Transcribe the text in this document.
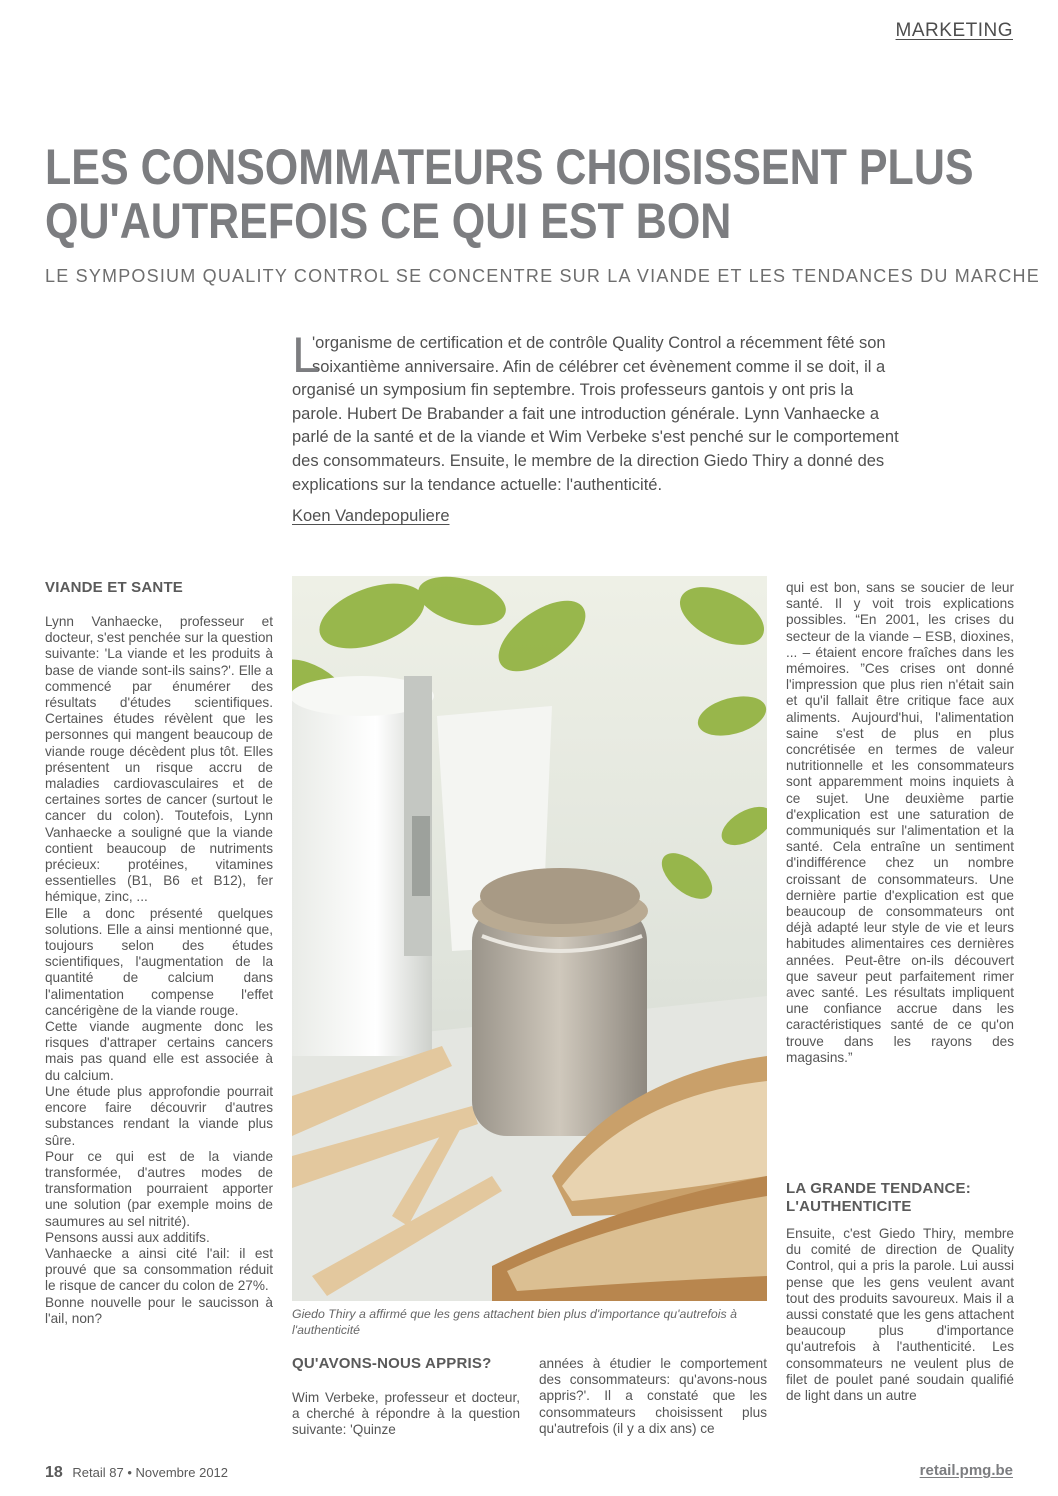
MARKETING
LES CONSOMMATEURS CHOISISSENT PLUS
QU'AUTREFOIS CE QUI EST BON
LE SYMPOSIUM QUALITY CONTROL SE CONCENTRE SUR LA VIANDE ET LES TENDANCES DU MARCHE
L
'organisme de certification et de contrôle Quality Control a récemment fêté son
soixantième anniversaire. Afin de célébrer cet évènement comme il se doit, il a
organisé un symposium fin septembre. Trois professeurs gantois y ont pris la
parole. Hubert De Brabander a fait une introduction générale. Lynn Vanhaecke a
parlé de la santé et de la viande et Wim Verbeke s'est penché sur le comportement
des consommateurs. Ensuite, le membre de la direction Giedo Thiry a donné des
explications sur la tendance actuelle: l'authenticité.
Koen Vandepopuliere
VIANDE ET SANTE

Lynn Vanhaecke, professeur et docteur, s'est penchée sur la question suivante: 'La viande et les produits à base de viande sont-ils sains?'. Elle a commencé par énumérer des résultats d'études scientifiques. Certaines études révèlent que les personnes qui mangent beaucoup de viande rouge décèdent plus tôt. Elles présentent un risque accru de maladies cardiovasculaires et de certaines sortes de cancer (surtout le cancer du colon). Toutefois, Lynn Vanhaecke a souligné que la viande contient beaucoup de nutriments précieux: protéines, vitamines essentielles (B1, B6 et B12), fer hémique, zinc, ...

Elle a donc présenté quelques solutions. Elle a ainsi mentionné que, toujours selon des études scientifiques, l'augmentation de la quantité de calcium dans l'alimentation compense l'effet cancérigène de la viande rouge.

Cette viande augmente donc les risques d'attraper certains cancers mais pas quand elle est associée à du calcium.

Une étude plus approfondie pourrait encore faire découvrir d'autres substances rendant la viande plus sûre.

Pour ce qui est de la viande transformée, d'autres modes de transformation pourraient apporter une solution (par exemple moins de saumures au sel nitrité).

Pensons aussi aux additifs.

Vanhaecke a ainsi cité l'ail: il est prouvé que sa consommation réduit le risque de cancer du colon de 27%.

Bonne nouvelle pour le saucisson à l'ail, non?	Giedo Thiry a affirmé que les gens attachent bien plus d'importance qu'autrefois à l'authenticité
QU'AVONS-NOUS APPRIS?

Wim Verbeke, professeur et docteur, a cherché à répondre à la question suivante: 'Quinze

années à étudier le comportement des consommateurs: qu'avons-nous appris?'. Il a constaté que les consommateurs choisissent plus qu'autrefois (il y a dix ans) ce

qui est bon, sans se soucier de leur santé. Il y voit trois explications possibles. “En 2001, les crises du secteur de la viande – ESB, dioxines, ... – étaient encore fraîches dans les mémoires. ”Ces crises ont donné l'impression que plus rien n'était sain et qu'il fallait être critique face aux aliments. Aujourd'hui, l'alimentation saine s'est de plus en plus concrétisée en termes de valeur nutritionnelle et les consommateurs sont apparemment moins inquiets à ce sujet. Une deuxième partie d'explication est une saturation de communiqués sur l'alimentation et la santé. Cela entraîne un sentiment d'indifférence chez un nombre croissant de consommateurs. Une dernière partie d'explication est que beaucoup de consommateurs ont déjà adapté leur style de vie et leurs habitudes alimentaires ces dernières années. Peut-être on-ils découvert que saveur peut parfaitement rimer avec santé. Les résultats impliquent une confiance accrue dans les caractéristiques santé de ce qu'on trouve dans les rayons des magasins.”

LA GRANDE TENDANCE:
L'AUTHENTICITE

Ensuite, c'est Giedo Thiry, membre du comité de direction de Quality Control, qui a pris la parole. Lui aussi pense que les gens veulent avant tout des produits savoureux. Mais il a aussi constaté que les gens attachent beaucoup plus d'importance qu'autrefois à l'authenticité. Les consommateurs ne veulent plus de filet de poulet pané soudain qualifié de light dans un autre

18 Retail 87 • Novembre 2012	retail.pmg.be
